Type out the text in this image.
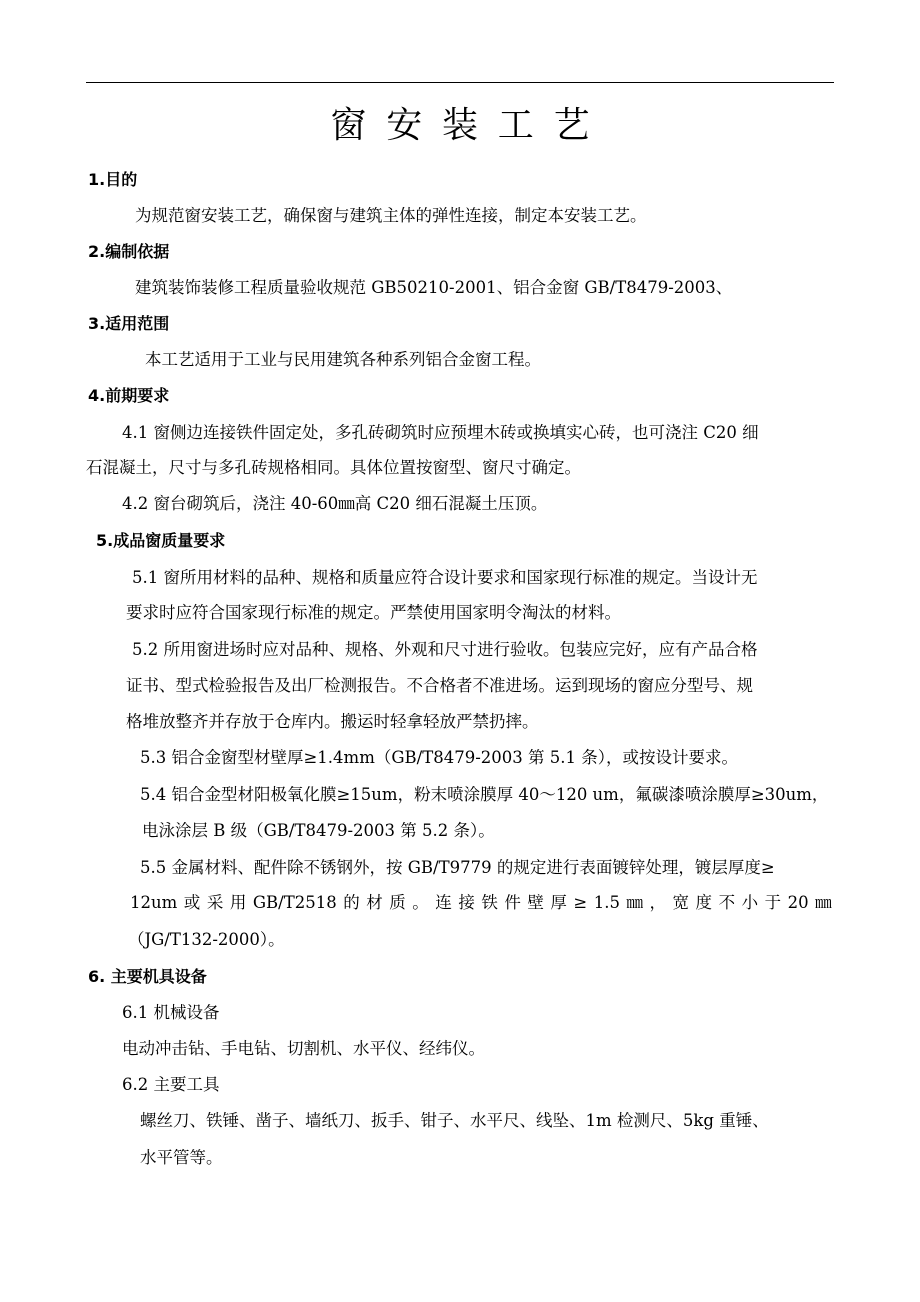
窗安装工艺
1.目的
为规范窗安装工艺，确保窗与建筑主体的弹性连接，制定本安装工艺。
2.编制依据
建筑装饰装修工程质量验收规范 GB50210-2001、铝合金窗 GB/T8479-2003、
3.适用范围
本工艺适用于工业与民用建筑各种系列铝合金窗工程。
4.前期要求
4.1 窗侧边连接铁件固定处，多孔砖砌筑时应预埋木砖或换填实心砖，也可浇注 C20 细
石混凝土，尺寸与多孔砖规格相同。具体位置按窗型、窗尺寸确定。
4.2 窗台砌筑后，浇注 40-60㎜高 C20 细石混凝土压顶。
5.成品窗质量要求
5.1 窗所用材料的品种、规格和质量应符合设计要求和国家现行标准的规定。当设计无
要求时应符合国家现行标准的规定。严禁使用国家明令淘汰的材料。
5.2 所用窗进场时应对品种、规格、外观和尺寸进行验收。包装应完好，应有产品合格
证书、型式检验报告及出厂检测报告。不合格者不准进场。运到现场的窗应分型号、规
格堆放整齐并存放于仓库内。搬运时轻拿轻放严禁扔摔。
5.3 铝合金窗型材壁厚≥1.4mm（GB/T8479-2003 第 5.1 条），或按设计要求。
5.4 铝合金型材阳极氧化膜≥15um，粉末喷涂膜厚 40～120 um，氟碳漆喷涂膜厚≥30um，
电泳涂层 B 级（GB/T8479-2003 第 5.2 条）。
5.5 金属材料、配件除不锈钢外，按 GB/T9779 的规定进行表面镀锌处理，镀层厚度≥
12um 或 采 用 GB/T2518 的 材 质 。 连 接 铁 件 壁 厚 ≥ 1.5 ㎜ ， 宽 度 不 小 于 20 ㎜
（JG/T132-2000）。
6. 主要机具设备
6.1 机械设备
电动冲击钻、手电钻、切割机、水平仪、经纬仪。
6.2 主要工具
螺丝刀、铁锤、凿子、墙纸刀、扳手、钳子、水平尺、线坠、1m 检测尺、5kg 重锤、
水平管等。
